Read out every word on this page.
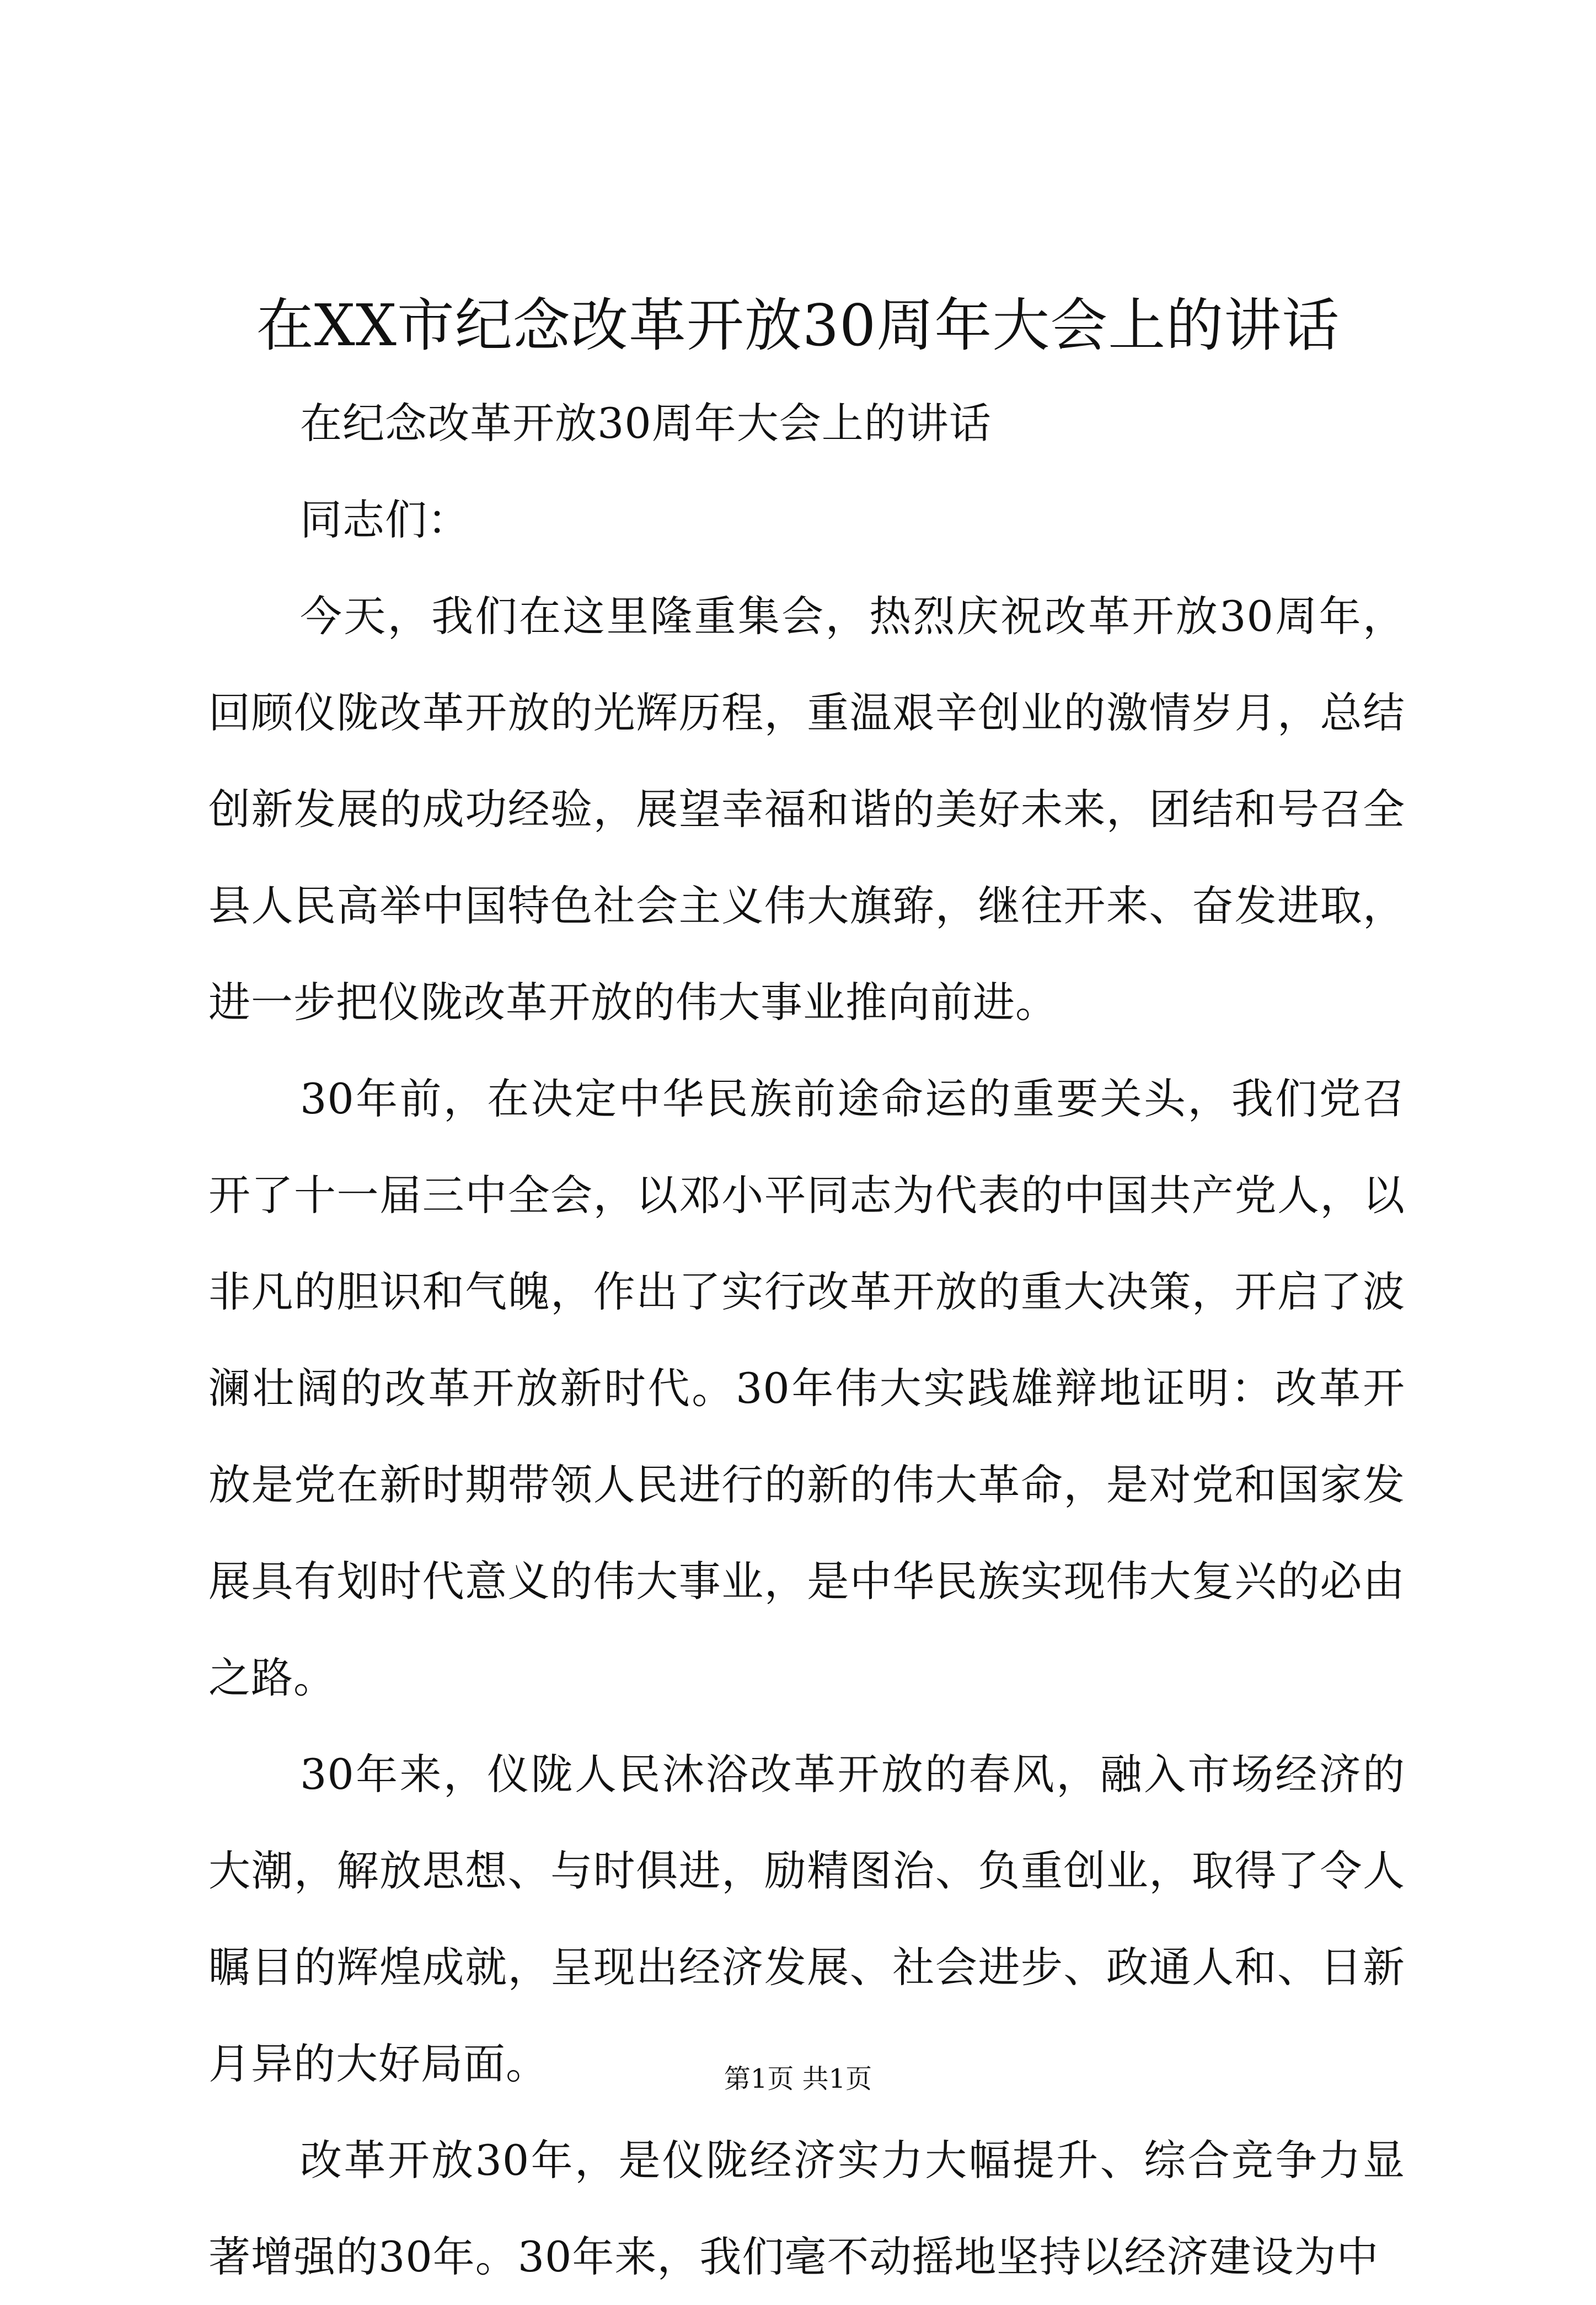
在XX市纪念改革开放30周年大会上的讲话

在纪念改革开放30周年大会上的讲话

同志们：

今天，我们在这里隆重集会，热烈庆祝改革开放30周年，回顾仪陇改革开放的光辉历程，重温艰辛创业的激情岁月，总结创新发展的成功经验，展望幸福和谐的美好未来，团结和号召全县人民高举中国特色社会主义伟大旗臶，继往开来、奋发进取，进一步把仪陇改革开放的伟大事业推向前进。

30年前，在决定中华民族前途命运的重要关头，我们党召开了十一届三中全会，以邓小平同志为代表的中国共产党人，以非凡的胆识和气魄，作出了实行改革开放的重大决策，开启了波澜壮阔的改革开放新时代。30年伟大实践雄辩地证明：改革开放是党在新时期带领人民进行的新的伟大革命，是对党和国家发展具有划时代意义的伟大事业，是中华民族实现伟大复兴的必由之路。

30年来，仪陇人民沐浴改革开放的春风，融入市场经济的大潮，解放思想、与时俱进，励精图治、负重创业，取得了令人瞩目的辉煌成就，呈现出经济发展、社会进步、政通人和、日新月异的大好局面。

改革开放30年，是仪陇经济实力大幅提升、综合竞争力显著增强的30年。30年来，我们毫不动摇地坚持以经济建设为中

第1页 共1页
